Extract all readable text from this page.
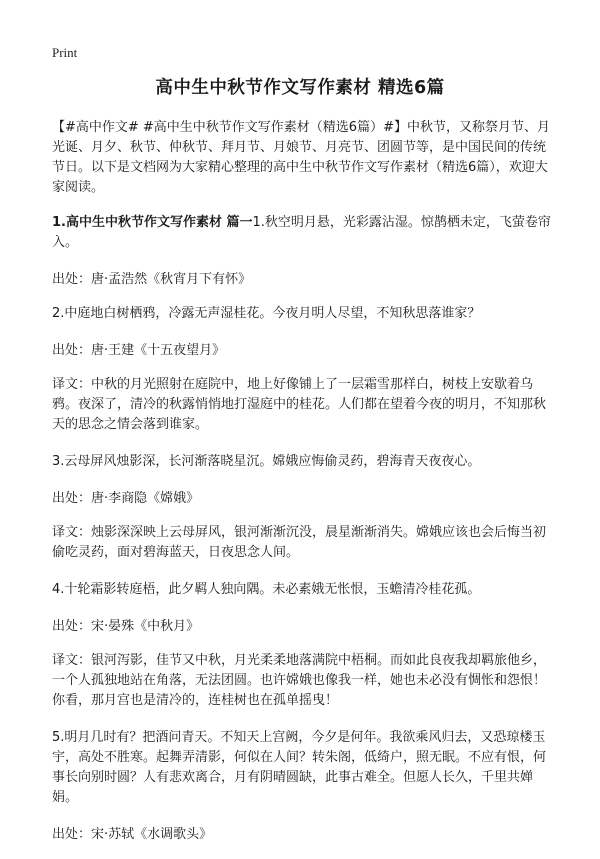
Print
高中生中秋节作文写作素材 精选6篇

【#高中作文# #高中生中秋节作文写作素材（精选6篇）#】中秋节，又称祭月节、月光诞、月夕、秋节、仲秋节、拜月节、月娘节、月亮节、团圆节等，是中国民间的传统节日。以下是文档网为大家精心整理的高中生中秋节作文写作素材（精选6篇），欢迎大家阅读。

1.高中生中秋节作文写作素材 篇一1.秋空明月悬，光彩露沾湿。惊鹊栖未定，飞萤卷帘入。

出处：唐·孟浩然《秋宵月下有怀》

2.中庭地白树栖鸦，冷露无声湿桂花。今夜月明人尽望，不知秋思落谁家？

出处：唐·王建《十五夜望月》

译文：中秋的月光照射在庭院中，地上好像铺上了一层霜雪那样白，树枝上安歇着乌鸦。夜深了，清冷的秋露悄悄地打湿庭中的桂花。人们都在望着今夜的明月，不知那秋天的思念之情会落到谁家。

3.云母屏风烛影深，长河渐落晓星沉。嫦娥应悔偷灵药，碧海青天夜夜心。

出处：唐·李商隐《嫦娥》

译文：烛影深深映上云母屏风，银河渐渐沉没，晨星渐渐消失。嫦娥应该也会后悔当初偷吃灵药，面对碧海蓝天，日夜思念人间。

4.十轮霜影转庭梧，此夕羁人独向隅。未必素娥无怅恨，玉蟾清冷桂花孤。

出处：宋·晏殊《中秋月》

译文：银河泻影，佳节又中秋，月光柔柔地落满院中梧桐。而如此良夜我却羁旅他乡，一个人孤独地站在角落，无法团圆。也许嫦娥也像我一样，她也未必没有惆怅和怨恨！你看，那月宫也是清冷的，连桂树也在孤单摇曳！

5.明月几时有？把酒问青天。不知天上宫阙，今夕是何年。我欲乘风归去，又恐琼楼玉宇，高处不胜寒。起舞弄清影，何似在人间？转朱阁，低绮户，照无眠。不应有恨，何事长向别时圆？人有悲欢离合，月有阴晴圆缺，此事古难全。但愿人长久，千里共婵娟。

出处：宋·苏轼《水调歌头》
